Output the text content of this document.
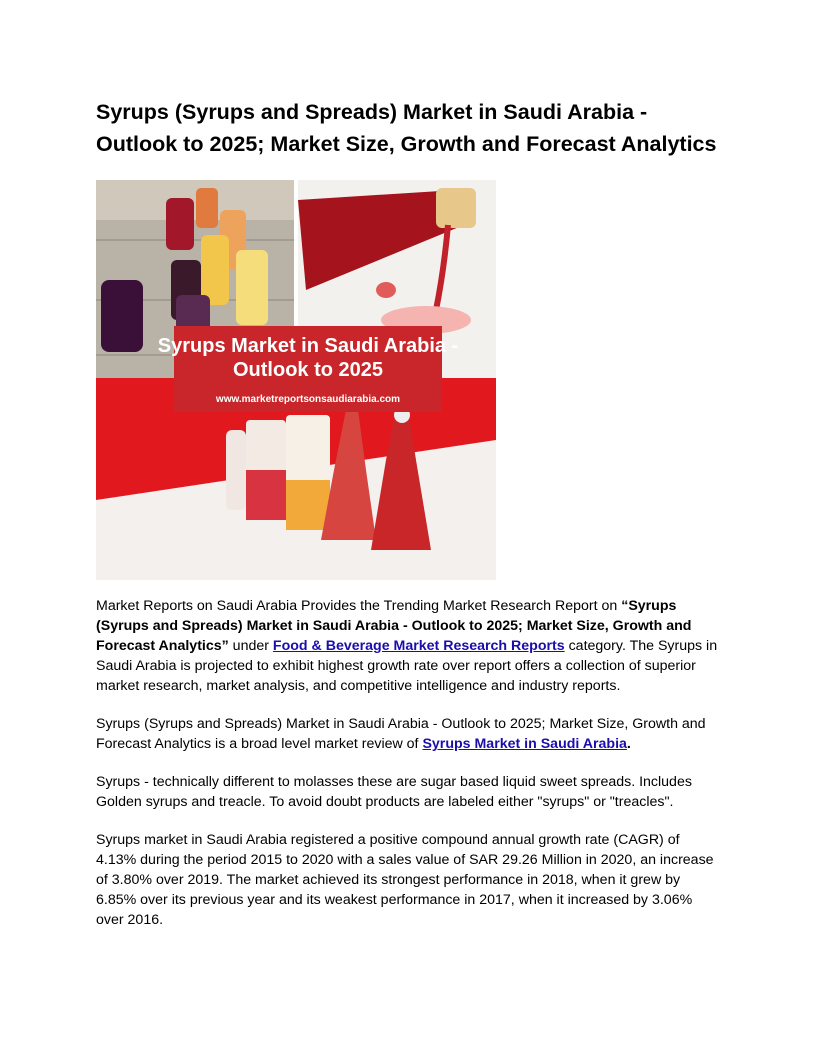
Syrups (Syrups and Spreads) Market in Saudi Arabia - Outlook to 2025; Market Size, Growth and Forecast Analytics
Syrups Market in Saudi Arabia -
Outlook to 2025
www.marketreportsonsaudiarabia.com

Market Reports on Saudi Arabia Provides the Trending Market Research Report on “Syrups (Syrups and Spreads) Market in Saudi Arabia - Outlook to 2025; Market Size, Growth and Forecast Analytics” under Food & Beverage Market Research Reports category. The Syrups in Saudi Arabia is projected to exhibit highest growth rate over report offers a collection of superior market research, market analysis, and competitive intelligence and industry reports.

Syrups (Syrups and Spreads) Market in Saudi Arabia - Outlook to 2025; Market Size, Growth and Forecast Analytics is a broad level market review of Syrups Market in Saudi Arabia.

Syrups - technically different to molasses these are sugar based liquid sweet spreads. Includes Golden syrups and treacle. To avoid doubt products are labeled either "syrups" or "treacles".

Syrups market in Saudi Arabia registered a positive compound annual growth rate (CAGR) of 4.13% during the period 2015 to 2020 with a sales value of SAR 29.26 Million in 2020, an increase of 3.80% over 2019. The market achieved its strongest performance in 2018, when it grew by 6.85% over its previous year and its weakest performance in 2017, when it increased by 3.06% over 2016.
